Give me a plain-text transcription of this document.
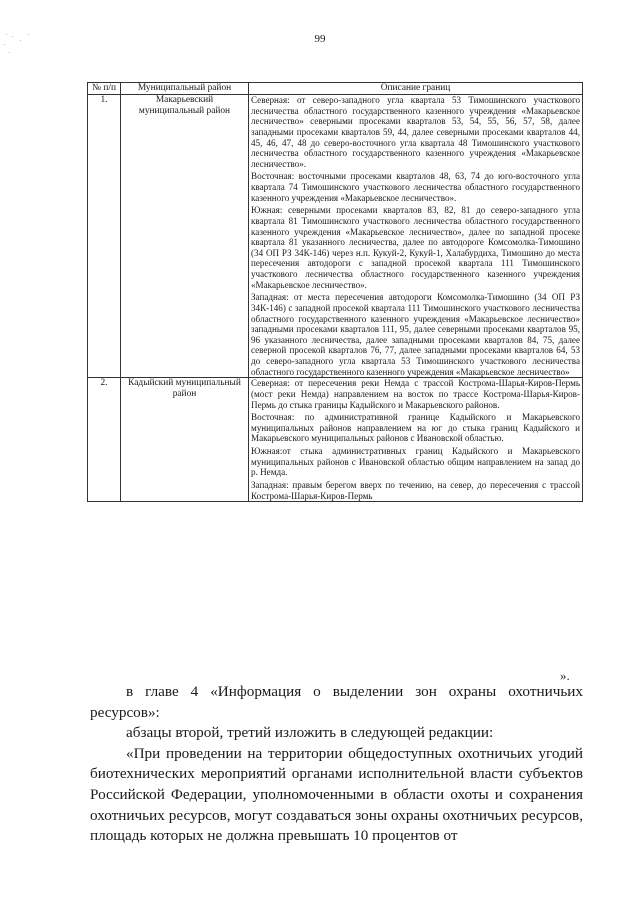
99
№ п/п	Муниципальный район	Описание границ
1.	Макарьевский муниципальный район	Северная: от северо-западного угла квартала 53 Тимошинского участкового лесничества областного государственного казенного учреждения «Макарьевское лесничество» северными просеками кварталов 53, 54, 55, 56, 57, 58, далее западными просеками кварталов 59, 44, далее северными просеками кварталов 44, 45, 46, 47, 48 до северо-восточного угла квартала 48 Тимошинского участкового лесничества областного государственного казенного учреждения «Макарьевское лесничество».

Восточная: восточными просеками кварталов 48, 63, 74 до юго-восточного угла квартала 74 Тимошинского участкового лесничества областного государственного казенного учреждения «Макарьевское лесничество».

Южная: северными просеками кварталов 83, 82, 81 до северо-западного угла квартала 81 Тимошинского участкового лесничества областного государственного казенного учреждения «Макарьевское лесничество», далее по западной просеке квартала 81 указанного лесничества, далее по автодороге Комсомолка-Тимошино (34 ОП РЗ 34К-146) через н.п. Кукуй-2, Кукуй-1, Халабурдиха, Тимошино до места пересечения автодороги с западной просекой квартала 111 Тимошинского участкового лесничества областного государственного казенного учреждения «Макарьевское лесничество».

Западная: от места пересечения автодороги Комсомолка-Тимошино (34 ОП РЗ 34К-146) с западной просекой квартала 111 Тимошинского участкового лесничества областного государственного казенного учреждения «Макарьевское лесничество» западными просеками кварталов 111, 95, далее северными просеками кварталов 95, 96 указанного лесничества, далее западными просеками кварталов 84, 75, далее северной просекой кварталов 76, 77, далее западными просеками кварталов 64, 53 до северо-западного угла квартала 53 Тимошинского участкового лесничества областного государственного казенного учреждения «Макарьевское лесничество»

2.	Кадыйский муниципальный район	Северная: от пересечения реки Немда с трассой Кострома-Шарья-Киров-Пермь (мост реки Немда) направлением на восток по трассе Кострома-Шарья-Киров-Пермь до стыка границы Кадыйского и Макарьевского районов.

Восточная: по административной границе Кадыйского и Макарьевского муниципальных районов направлением на юг до стыка границ Кадыйского и Макарьевского муниципальных районов с Ивановской областью.

Южная:от стыка административных границ Кадыйского и Макарьевского муниципальных районов с Ивановской областью общим направлением на запад до р. Немда.

Западная: правым берегом вверх по течению, на север, до пересечения с трассой Кострома-Шарья-Киров-Пермь

».

в главе 4 «Информация о выделении зон охраны охотничьих ресурсов»:

абзацы второй, третий изложить в следующей редакции:

«При проведении на территории общедоступных охотничьих угодий биотехнических мероприятий органами исполнительной власти субъектов Российской Федерации, уполномоченными в области охоты и сохранения охотничьих ресурсов, могут создаваться зоны охраны охотничьих ресурсов, площадь которых не должна превышать 10 процентов от
